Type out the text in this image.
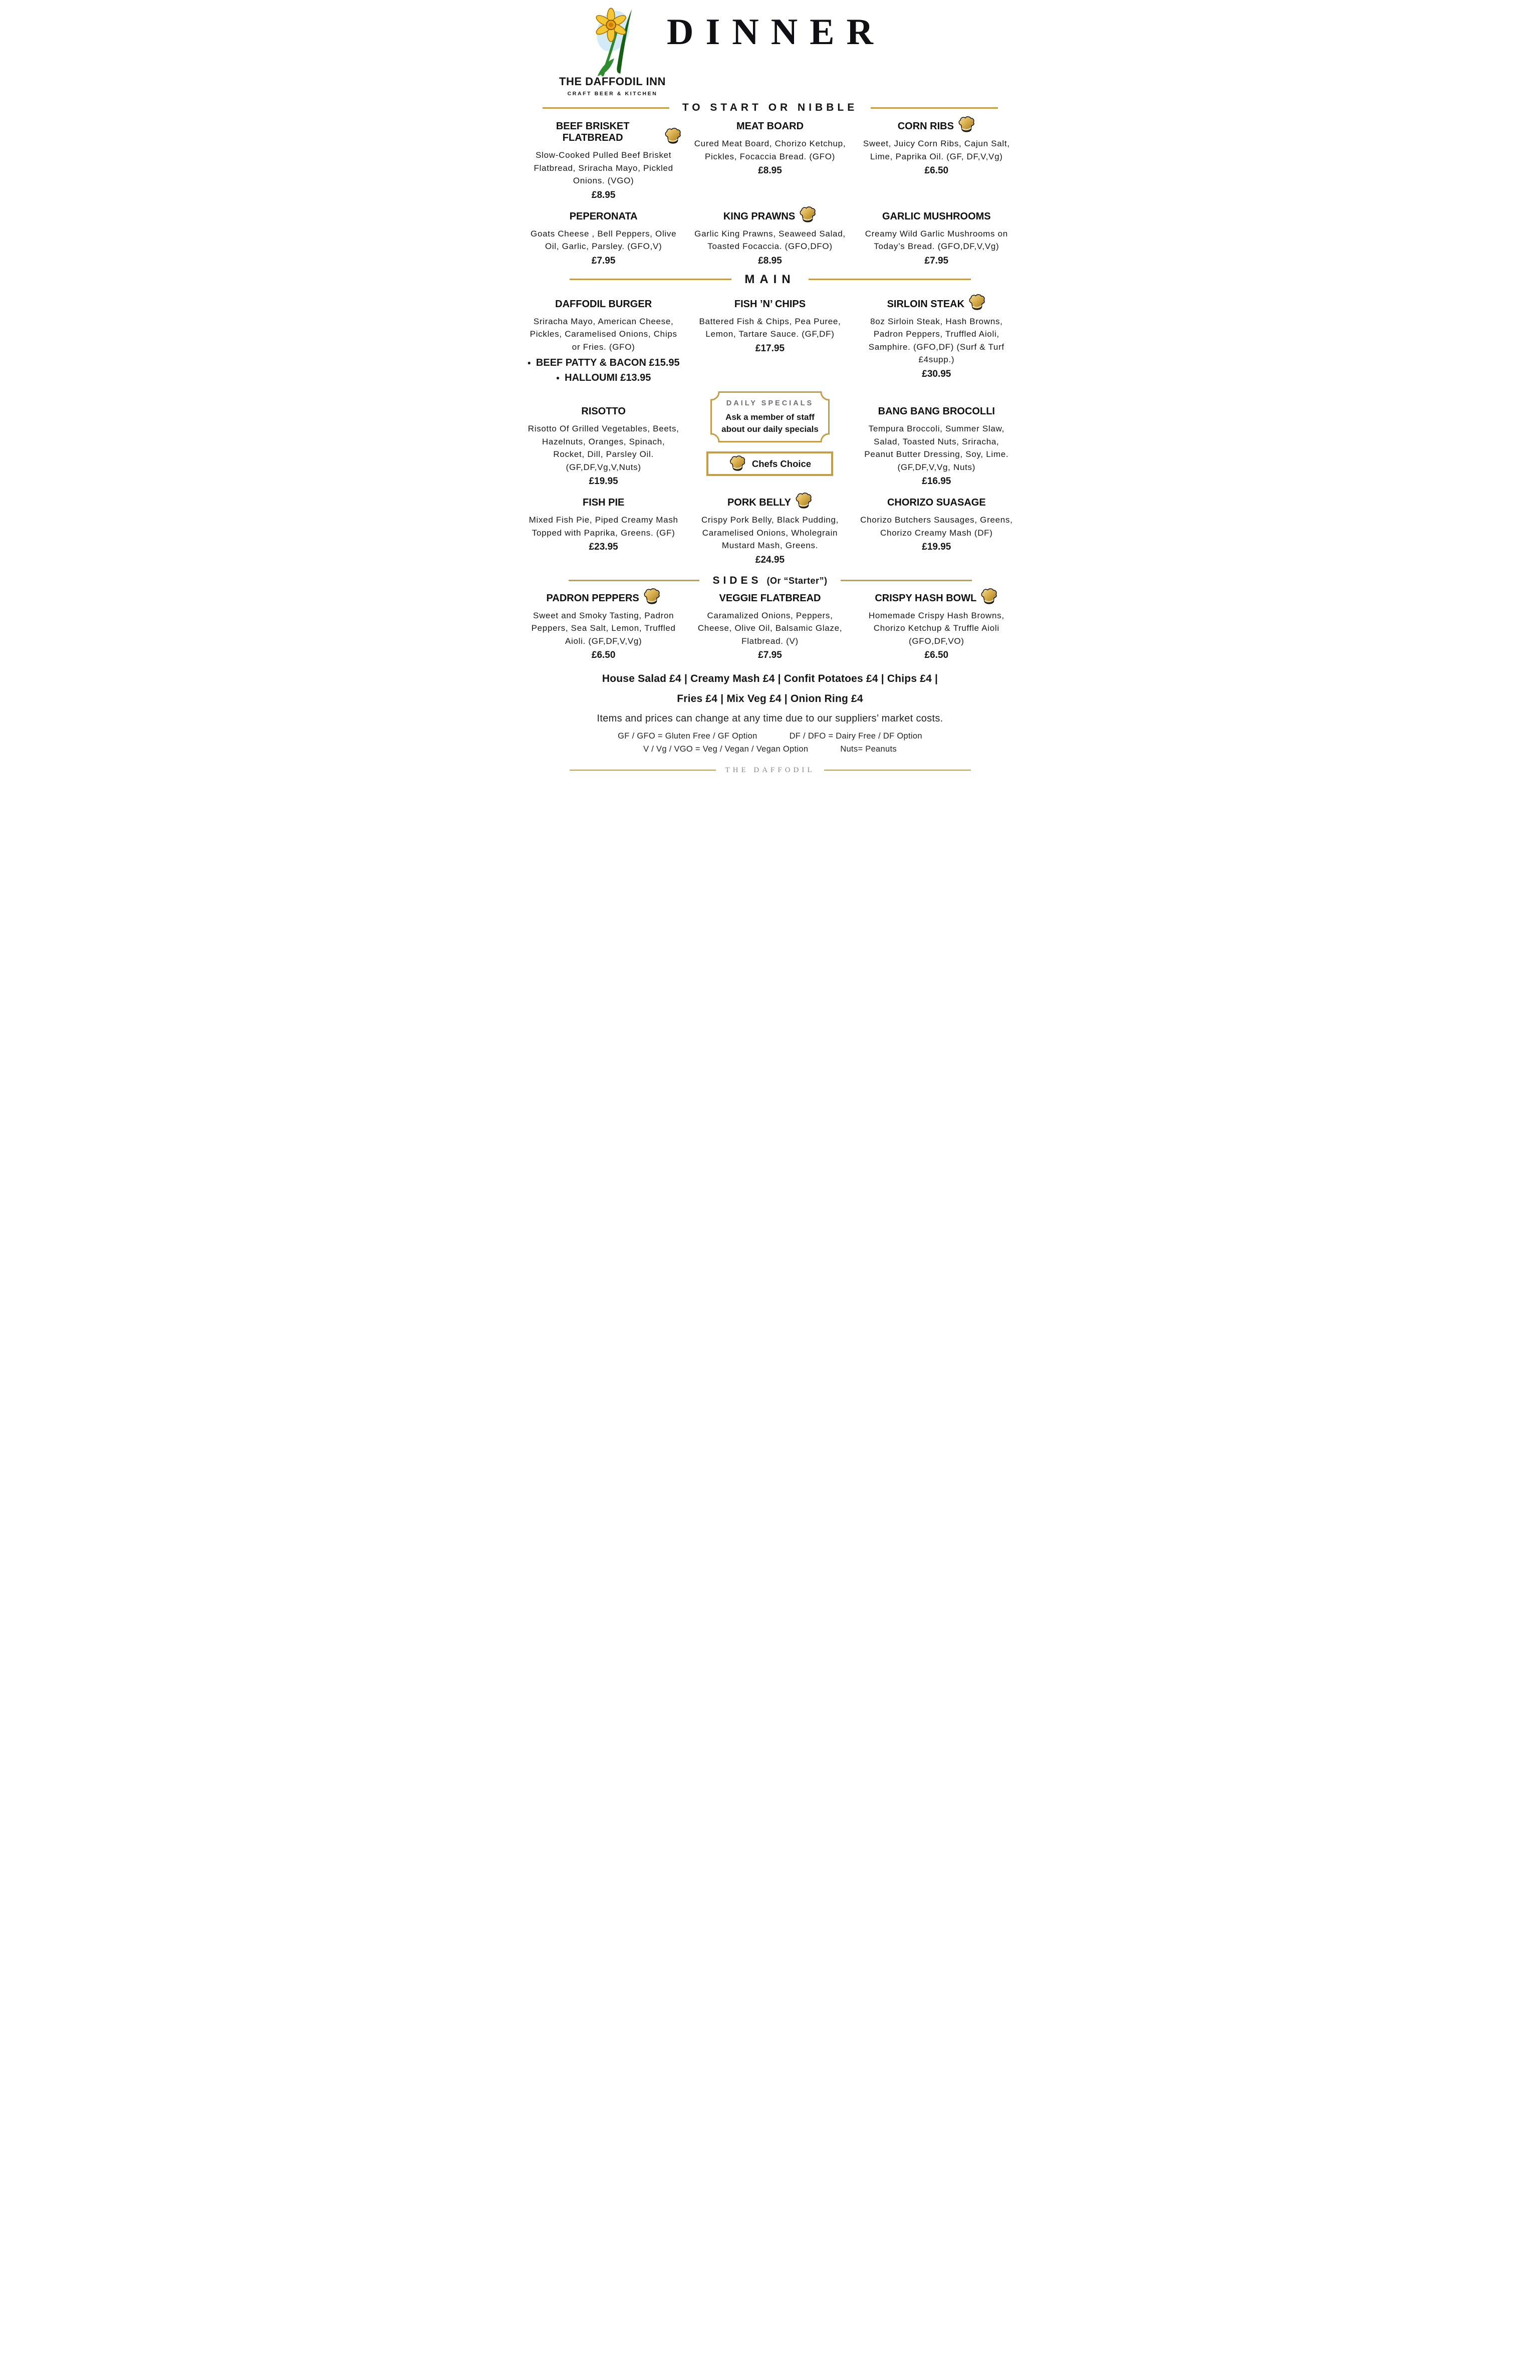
DINNER
THE DAFFODIL INN
CRAFT BEER & KITCHEN
TO START OR NIBBLE
BEEF BRISKET FLATBREAD
Slow-Cooked Pulled Beef Brisket Flatbread, Sriracha Mayo, Pickled Onions. (VGO)
£8.95
MEAT BOARD
Cured Meat Board, Chorizo Ketchup, Pickles, Focaccia Bread. (GFO)
£8.95
CORN RIBS
Sweet, Juicy Corn Ribs, Cajun Salt, Lime, Paprika Oil. (GF, DF,V,Vg)
£6.50
PEPERONATA
Goats Cheese , Bell Peppers, Olive Oil, Garlic, Parsley. (GFO,V)
£7.95
KING PRAWNS
Garlic King Prawns, Seaweed Salad, Toasted Focaccia. (GFO,DFO)
£8.95
GARLIC MUSHROOMS
Creamy Wild Garlic Mushrooms on Today’s Bread. (GFO,DF,V,Vg)
£7.95
MAIN
DAFFODIL BURGER
Sriracha Mayo, American Cheese, Pickles, Caramelised Onions, Chips or Fries. (GFO)
● BEEF PATTY & BACON £15.95
● HALLOUMI £13.95
FISH ’N’ CHIPS
Battered Fish & Chips, Pea Puree, Lemon, Tartare Sauce. (GF,DF)
£17.95
SIRLOIN STEAK
8oz Sirloin Steak, Hash Browns, Padron Peppers, Truffled Aioli, Samphire. (GFO,DF) (Surf & Turf £4supp.)
£30.95
RISOTTO
Risotto Of Grilled Vegetables, Beets, Hazelnuts, Oranges, Spinach, Rocket, Dill, Parsley Oil. (GF,DF,Vg,V,Nuts)
£19.95
DAILY SPECIALS
Ask a member of staff about our daily specials
Chefs Choice
BANG BANG BROCOLLI
Tempura Broccoli, Summer Slaw, Salad, Toasted Nuts, Sriracha, Peanut Butter Dressing, Soy, Lime. (GF,DF,V,Vg, Nuts)
£16.95
FISH PIE
Mixed Fish Pie, Piped Creamy Mash Topped with Paprika, Greens. (GF)
£23.95
PORK BELLY
Crispy Pork Belly, Black Pudding, Caramelised Onions, Wholegrain Mustard Mash, Greens.
£24.95
CHORIZO SUASAGE
Chorizo Butchers Sausages, Greens, Chorizo Creamy Mash (DF)
£19.95
SIDES (Or “Starter”)
PADRON PEPPERS
Sweet and Smoky Tasting, Padron Peppers, Sea Salt, Lemon, Truffled Aioli. (GF,DF,V,Vg)
£6.50
VEGGIE FLATBREAD
Caramalized Onions, Peppers, Cheese, Olive Oil, Balsamic Glaze, Flatbread. (V)
£7.95
CRISPY HASH BOWL
Homemade Crispy Hash Browns, Chorizo Ketchup & Truffle Aioli (GFO,DF,VO)
£6.50
House Salad £4 | Creamy Mash £4 | Confit Potatoes £4 | Chips £4 |
Fries £4 | Mix Veg £4 | Onion Ring £4
Items and prices can change at any time due to our suppliers’ market costs.
GF / GFO = Gluten Free / GF Option	DF / DFO = Dairy Free / DF Option
V / Vg / VGO = Veg / Vegan / Vegan Option	Nuts= Peanuts
THE DAFFODIL
